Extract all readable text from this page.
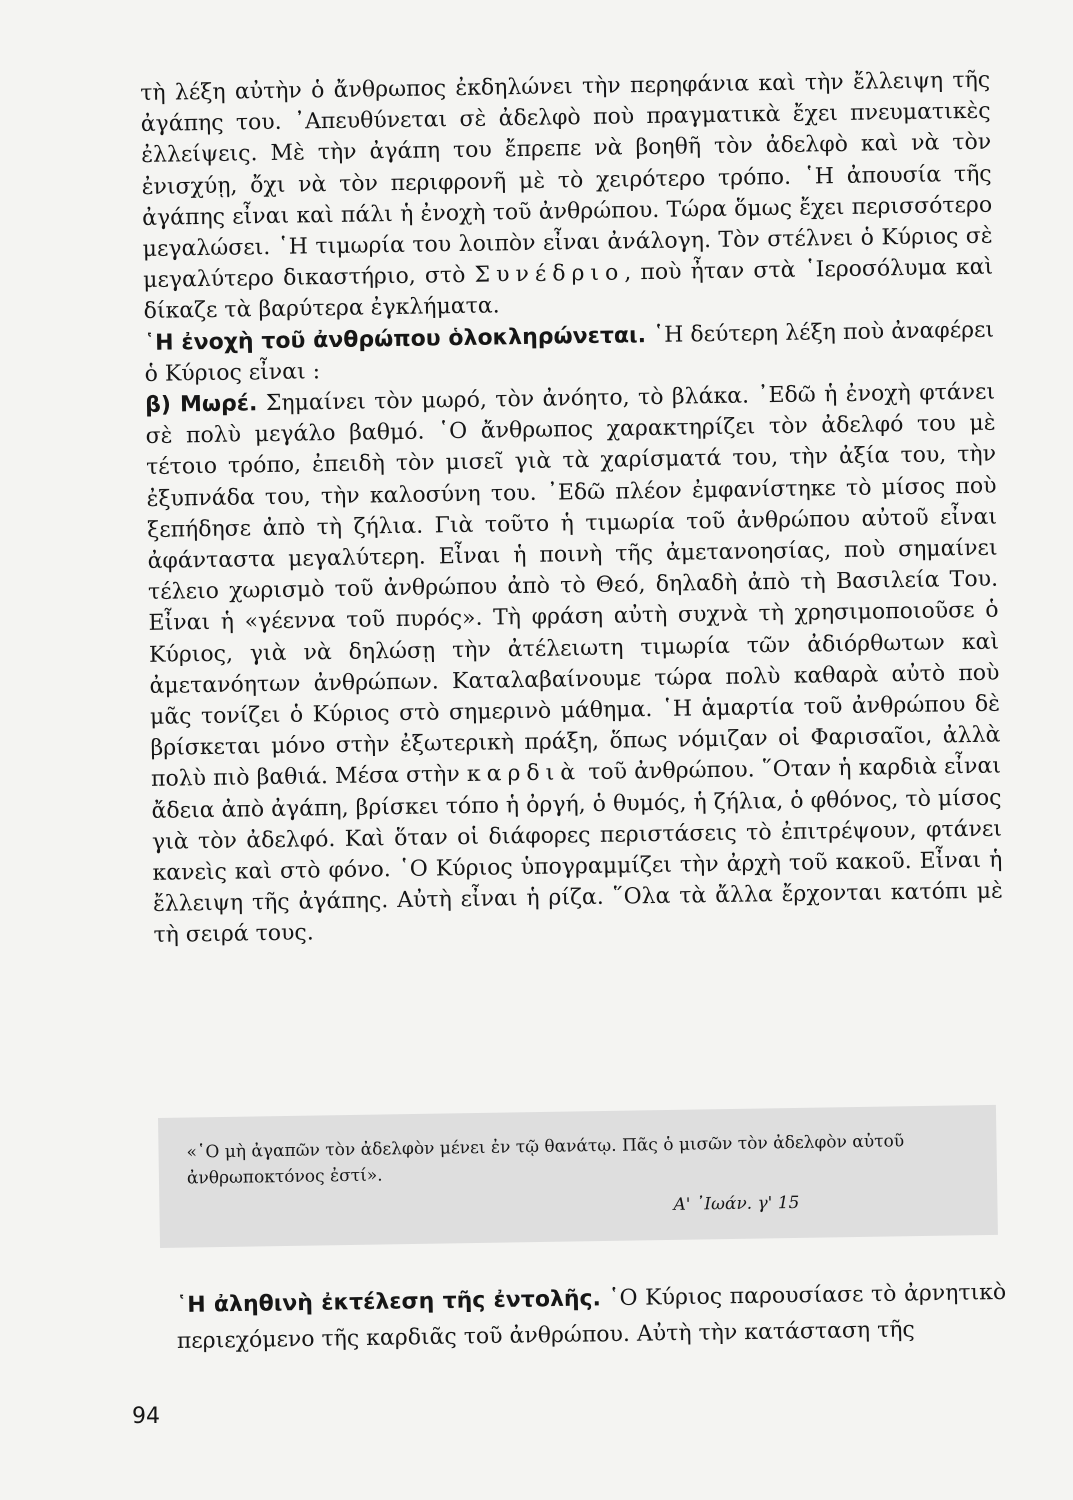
τὴ λέξη αὐτὴν ὁ ἄνθρωπος ἐκδηλώνει τὴν περηφάνια καὶ τὴν ἔλλειψη τῆς ἀγάπης του. ᾿Απευθύνεται σὲ ἀδελφὸ ποὺ πραγματικὰ ἔχει πνευματικὲς ἐλλείψεις. Μὲ τὴν ἀγάπη του ἔπρεπε νὰ βοηθῆ τὸν ἀδελφὸ καὶ νὰ τὸν ἐνισχύῃ, ὄχι νὰ τὸν περιφρονῆ μὲ τὸ χειρότερο τρόπο. ῾Η ἀπουσία τῆς ἀγάπης εἶναι καὶ πάλι ἡ ἐνοχὴ τοῦ ἀνθρώπου. Τώρα ὅμως ἔχει περισσότερο μεγαλώσει. ῾Η τιμωρία του λοιπὸν εἶναι ἀνάλογη. Τὸν στέλνει ὁ Κύριος σὲ μεγαλύτερο δικαστήριο, στὸ Συνέδριο, ποὺ ἦταν στὰ ῾Ιεροσόλυμα καὶ δίκαζε τὰ βαρύτερα ἐγκλήματα.

῾Η ἐνοχὴ τοῦ ἀνθρώπου ὁλοκληρώνεται. ῾Η δεύτερη λέξη ποὺ ἀναφέρει ὁ Κύριος εἶναι :

β) Μωρέ. Σημαίνει τὸν μωρό, τὸν ἀνόητο, τὸ βλάκα. ᾿Εδῶ ἡ ἐνοχὴ φτάνει σὲ πολὺ μεγάλο βαθμό. ῾Ο ἄνθρωπος χαρακτηρίζει τὸν ἀδελφό του μὲ τέτοιο τρόπο, ἐπειδὴ τὸν μισεῖ γιὰ τὰ χαρίσματά του, τὴν ἀξία του, τὴν ἐξυπνάδα του, τὴν καλοσύνη του. ᾿Εδῶ πλέον ἐμφανίστηκε τὸ μίσος ποὺ ξεπήδησε ἀπὸ τὴ ζήλια. Γιὰ τοῦτο ἡ τιμωρία τοῦ ἀνθρώπου αὐτοῦ εἶναι ἀφάνταστα μεγαλύτερη. Εἶναι ἡ ποινὴ τῆς ἀμετανοησίας, ποὺ σημαίνει τέλειο χωρισμὸ τοῦ ἀνθρώπου ἀπὸ τὸ Θεό, δηλαδὴ ἀπὸ τὴ Βασιλεία Του. Εἶναι ἡ «γέεννα τοῦ πυρός». Τὴ φράση αὐτὴ συχνὰ τὴ χρησιμοποιοῦσε ὁ Κύριος, γιὰ νὰ δηλώσῃ τὴν ἀτέλειωτη τιμωρία τῶν ἀδιόρθωτων καὶ ἀμετανόητων ἀνθρώπων. Καταλαβαίνουμε τώρα πολὺ καθαρὰ αὐτὸ ποὺ μᾶς τονίζει ὁ Κύριος στὸ σημερινὸ μάθημα. ῾Η ἁμαρτία τοῦ ἀνθρώπου δὲ βρίσκεται μόνο στὴν ἐξωτερικὴ πράξη, ὅπως νόμιζαν οἱ Φαρισαῖοι, ἀλλὰ πολὺ πιὸ βαθιά. Μέσα στὴν καρδιὰ τοῦ ἀνθρώπου. ῞Οταν ἡ καρδιὰ εἶναι ἄδεια ἀπὸ ἀγάπη, βρίσκει τόπο ἡ ὀργή, ὁ θυμός, ἡ ζήλια, ὁ φθόνος, τὸ μίσος γιὰ τὸν ἀδελφό. Καὶ ὅταν οἱ διάφορες περιστάσεις τὸ ἐπιτρέψουν, φτάνει κανεὶς καὶ στὸ φόνο. ῾Ο Κύριος ὑπογραμμίζει τὴν ἀρχὴ τοῦ κακοῦ. Εἶναι ἡ ἔλλειψη τῆς ἀγάπης. Αὐτὴ εἶναι ἡ ρίζα. ῞Ολα τὰ ἄλλα ἔρχονται κατόπι μὲ τὴ σειρά τους.

«῾Ο μὴ ἀγαπῶν τὸν ἀδελφὸν μένει ἐν τῷ θανάτῳ. Πᾶς ὁ μισῶν τὸν ἀδελφὸν αὐτοῦ ἀνθρωποκτόνος ἐστί».
Α' ᾿Ιωάν. γ' 15
῾Η ἀληθινὴ ἐκτέλεση τῆς ἐντολῆς. ῾Ο Κύριος παρουσίασε τὸ ἀρνητικὸ περιεχόμενο τῆς καρδιᾶς τοῦ ἀνθρώπου. Αὐτὴ τὴν κατάσταση τῆς
94
